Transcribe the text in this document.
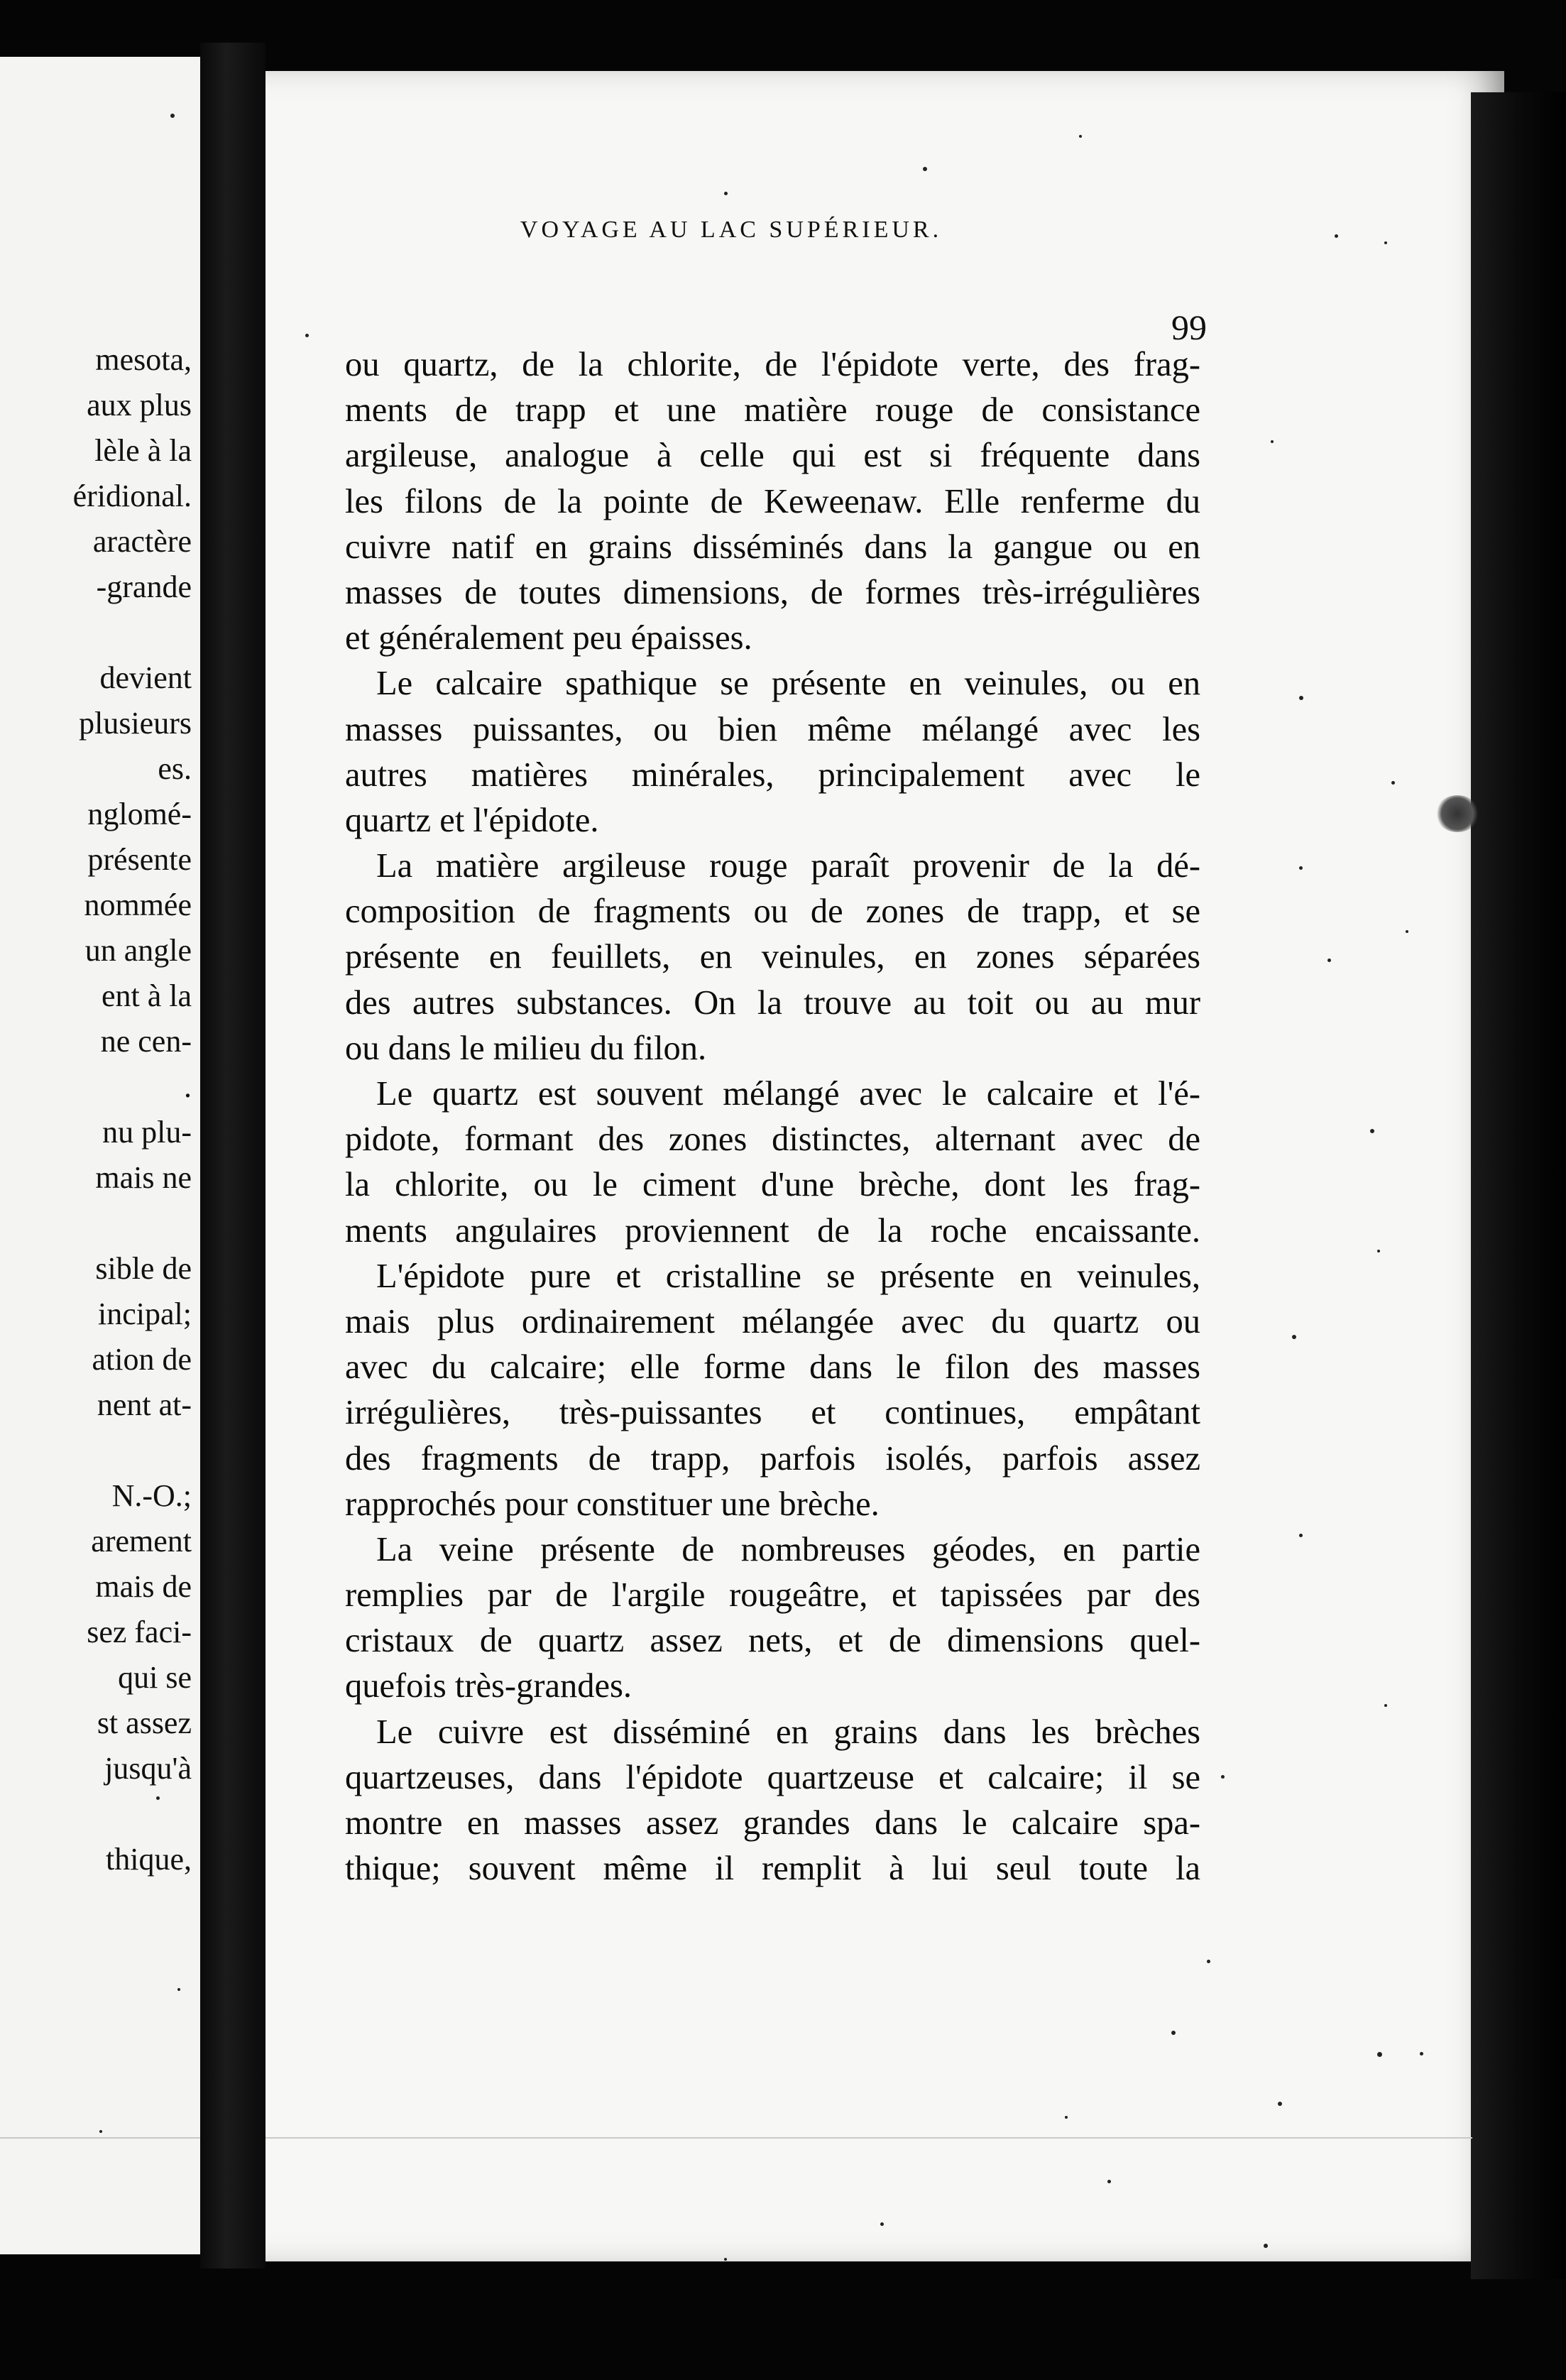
mesota,
aux plus
lèle à la
éridional.
aractère
-grande
devient
plusieurs
es.
nglomé-
présente
nommée
un angle
ent à la
ne cen-
.
nu plu-
mais ne
sible de
incipal;
ation de
nent at-
N.-O.;
arement
mais de
sez faci-
qui se
st assez
jusqu'à
thique,
VOYAGE AU LAC SUPÉRIEUR.
99
ou quartz, de la chlorite, de l'épidote verte, des frag-
ments de trapp et une matière rouge de consistance
argileuse, analogue à celle qui est si fréquente dans
les filons de la pointe de Keweenaw. Elle renferme du
cuivre natif en grains disséminés dans la gangue ou en
masses de toutes dimensions, de formes très-irrégulières
et généralement peu épaisses.
Le calcaire spathique se présente en veinules, ou en
masses puissantes, ou bien même mélangé avec les
autres matières minérales, principalement avec le
quartz et l'épidote.
La matière argileuse rouge paraît provenir de la dé-
composition de fragments ou de zones de trapp, et se
présente en feuillets, en veinules, en zones séparées
des autres substances. On la trouve au toit ou au mur
ou dans le milieu du filon.
Le quartz est souvent mélangé avec le calcaire et l'é-
pidote, formant des zones distinctes, alternant avec de
la chlorite, ou le ciment d'une brèche, dont les frag-
ments angulaires proviennent de la roche encaissante.
L'épidote pure et cristalline se présente en veinules,
mais plus ordinairement mélangée avec du quartz ou
avec du calcaire; elle forme dans le filon des masses
irrégulières, très-puissantes et continues, empâtant
des fragments de trapp, parfois isolés, parfois assez
rapprochés pour constituer une brèche.
La veine présente de nombreuses géodes, en partie
remplies par de l'argile rougeâtre, et tapissées par des
cristaux de quartz assez nets, et de dimensions quel-
quefois très-grandes.
Le cuivre est disséminé en grains dans les brèches
quartzeuses, dans l'épidote quartzeuse et calcaire; il se
montre en masses assez grandes dans le calcaire spa-
thique; souvent même il remplit à lui seul toute la
